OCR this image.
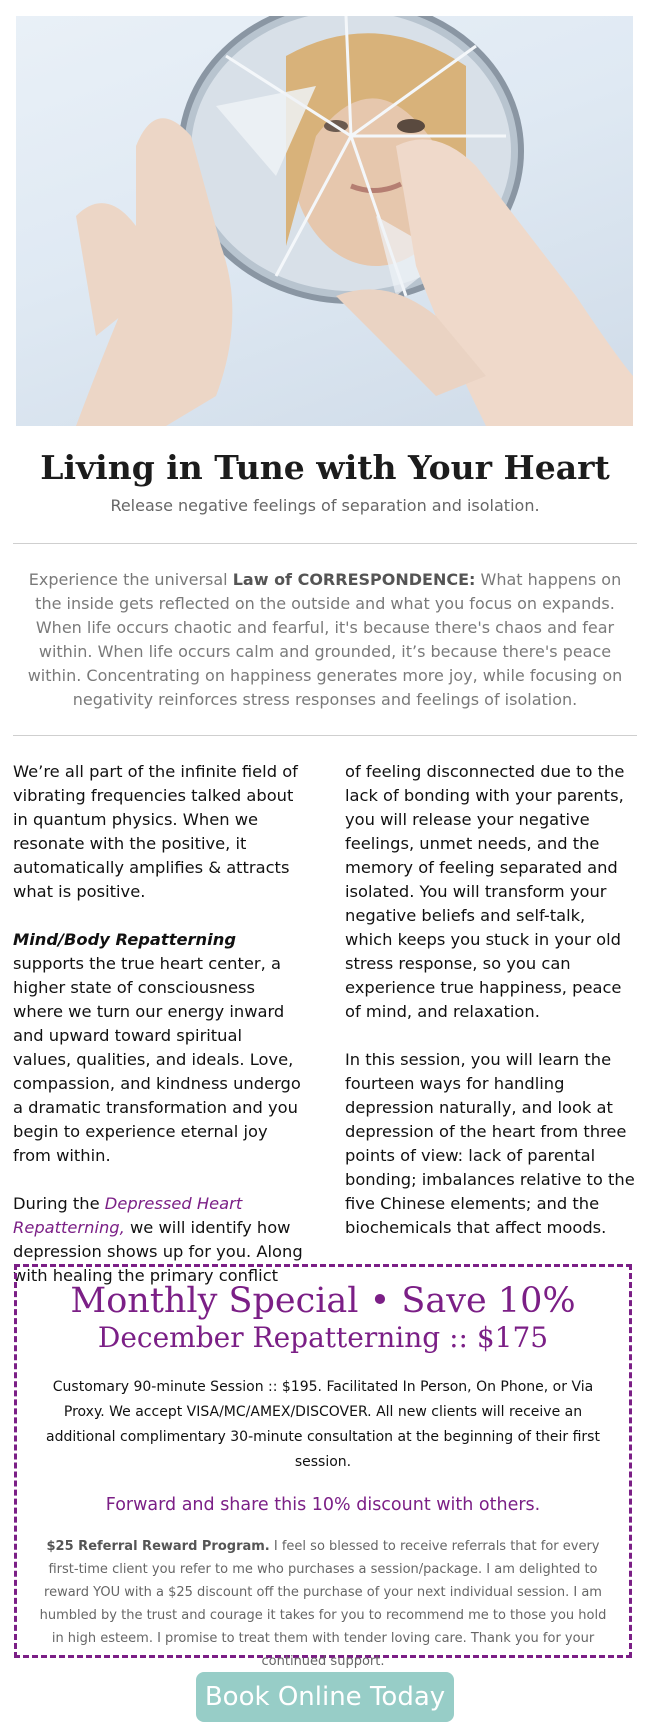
Living in Tune with Your Heart
Release negative feelings of separation and isolation.
Experience the universal Law of CORRESPONDENCE: What happens on the inside gets reflected on the outside and what you focus on expands. When life occurs chaotic and fearful, it's because there's chaos and fear within. When life occurs calm and grounded, it’s because there's peace within. Concentrating on happiness generates more joy, while focusing on negativity reinforces stress responses and feelings of isolation.

We’re all part of the infinite field of vibrating frequencies talked about in quantum physics. When we resonate with the positive, it automatically amplifies & attracts what is positive.

Mind/Body Repatterning supports the true heart center, a higher state of consciousness where we turn our energy inward and upward toward spiritual values, qualities, and ideals. Love, compassion, and kindness undergo a dramatic transformation and you begin to experience eternal joy from within.

During the Depressed Heart Repatterning, we will identify how depression shows up for you. Along with healing the primary conflict

of feeling disconnected due to the lack of bonding with your parents, you will release your negative feelings, unmet needs, and the memory of feeling separated and isolated. You will transform your negative beliefs and self-talk, which keeps you stuck in your old stress response, so you can experience true happiness, peace of mind, and relaxation.

In this session, you will learn the fourteen ways for handling depression naturally, and look at depression of the heart from three points of view: lack of parental bonding; imbalances relative to the five Chinese elements; and the biochemicals that affect moods.

Monthly Special • Save 10%
December Repatterning :: $175
Customary 90-minute Session :: $195. Facilitated In Person, On Phone, or Via Proxy. We accept VISA/MC/AMEX/DISCOVER. All new clients will receive an additional complimentary 30-minute consultation at the beginning of their first session.
Forward and share this 10% discount with others.
$25 Referral Reward Program. I feel so blessed to receive referrals that for every first-time client you refer to me who purchases a session/package. I am delighted to reward YOU with a $25 discount off the purchase of your next individual session. I am humbled by the trust and courage it takes for you to recommend me to those you hold in high esteem. I promise to treat them with tender loving care. Thank you for your continued support.
Book Online Today
